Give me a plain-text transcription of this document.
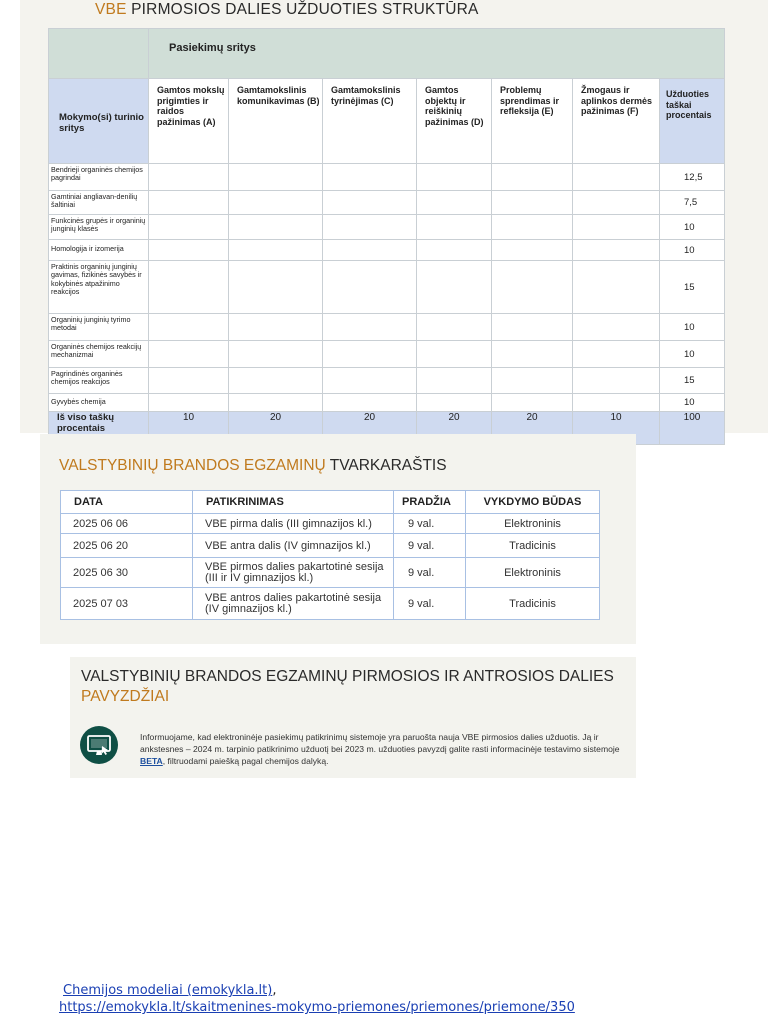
VBE PIRMOSIOS DALIES UŽDUOTIES STRUKTŪRA
	Pasiekimų sritys						

Mokymo(si) turinio sritys	Gamtos mokslų prigimties ir raidos pažinimas (A)	Gamtamokslinis komunikavimas (B)	Gamtamokslinis tyrinėjimas (C)	Gamtos objektų ir reiškinių pažinimas (D)	Problemų sprendimas ir refleksija (E)	Žmogaus ir aplinkos dermės pažinimas (F)	Užduoties taškai procentais

Bendrieji organinės chemijos pagrindai							12,5
Gamtiniai angliavan-denilių šaltiniai							7,5
Funkcinės grupės ir organinių junginių klasės							10
Homologija ir izomerija							10
Praktinis organinių junginių gavimas, fizikinės savybės ir kokybinės atpažinimo reakcijos							15
Organinių junginių tyrimo metodai							10
Organinės chemijos reakcijų mechanizmai							10
Pagrindinės organinės chemijos reakcijos							15
Gyvybės chemija							10
Iš viso taškų procentais	10	20	20	20	20	10	100
VALSTYBINIŲ BRANDOS EGZAMINŲ TVARKARAŠTIS
DATA	PATIKRINIMAS	PRADŽIA	VYKDYMO BŪDAS
2025 06 06	VBE pirma dalis (III gimnazijos kl.)	9 val.	Elektroninis
2025 06 20	VBE antra dalis (IV gimnazijos kl.)	9 val.	Tradicinis
2025 06 30	VBE pirmos dalies pakartotinė sesija (III ir IV gimnazijos kl.)	9 val.	Elektroninis
2025 07 03	VBE antros dalies pakartotinė sesija (IV gimnazijos kl.)	9 val.	Tradicinis
VALSTYBINIŲ BRANDOS EGZAMINŲ PIRMOSIOS IR ANTROSIOS DALIES PAVYZDŽIAI
Informuojame, kad elektroninėje pasiekimų patikrinimų sistemoje yra paruošta nauja VBE pirmosios dalies užduotis. Ją ir ankstesnes – 2024 m. tarpinio patikrinimo užduotį bei 2023 m. užduoties pavyzdį galite rasti informacinėje testavimo sistemoje BETA, filtruodami paiešką pagal chemijos dalyką.
Chemijos modeliai (emokykla.lt),
https://emokykla.lt/skaitmenines-mokymo-priemones/priemones/priemone/350
